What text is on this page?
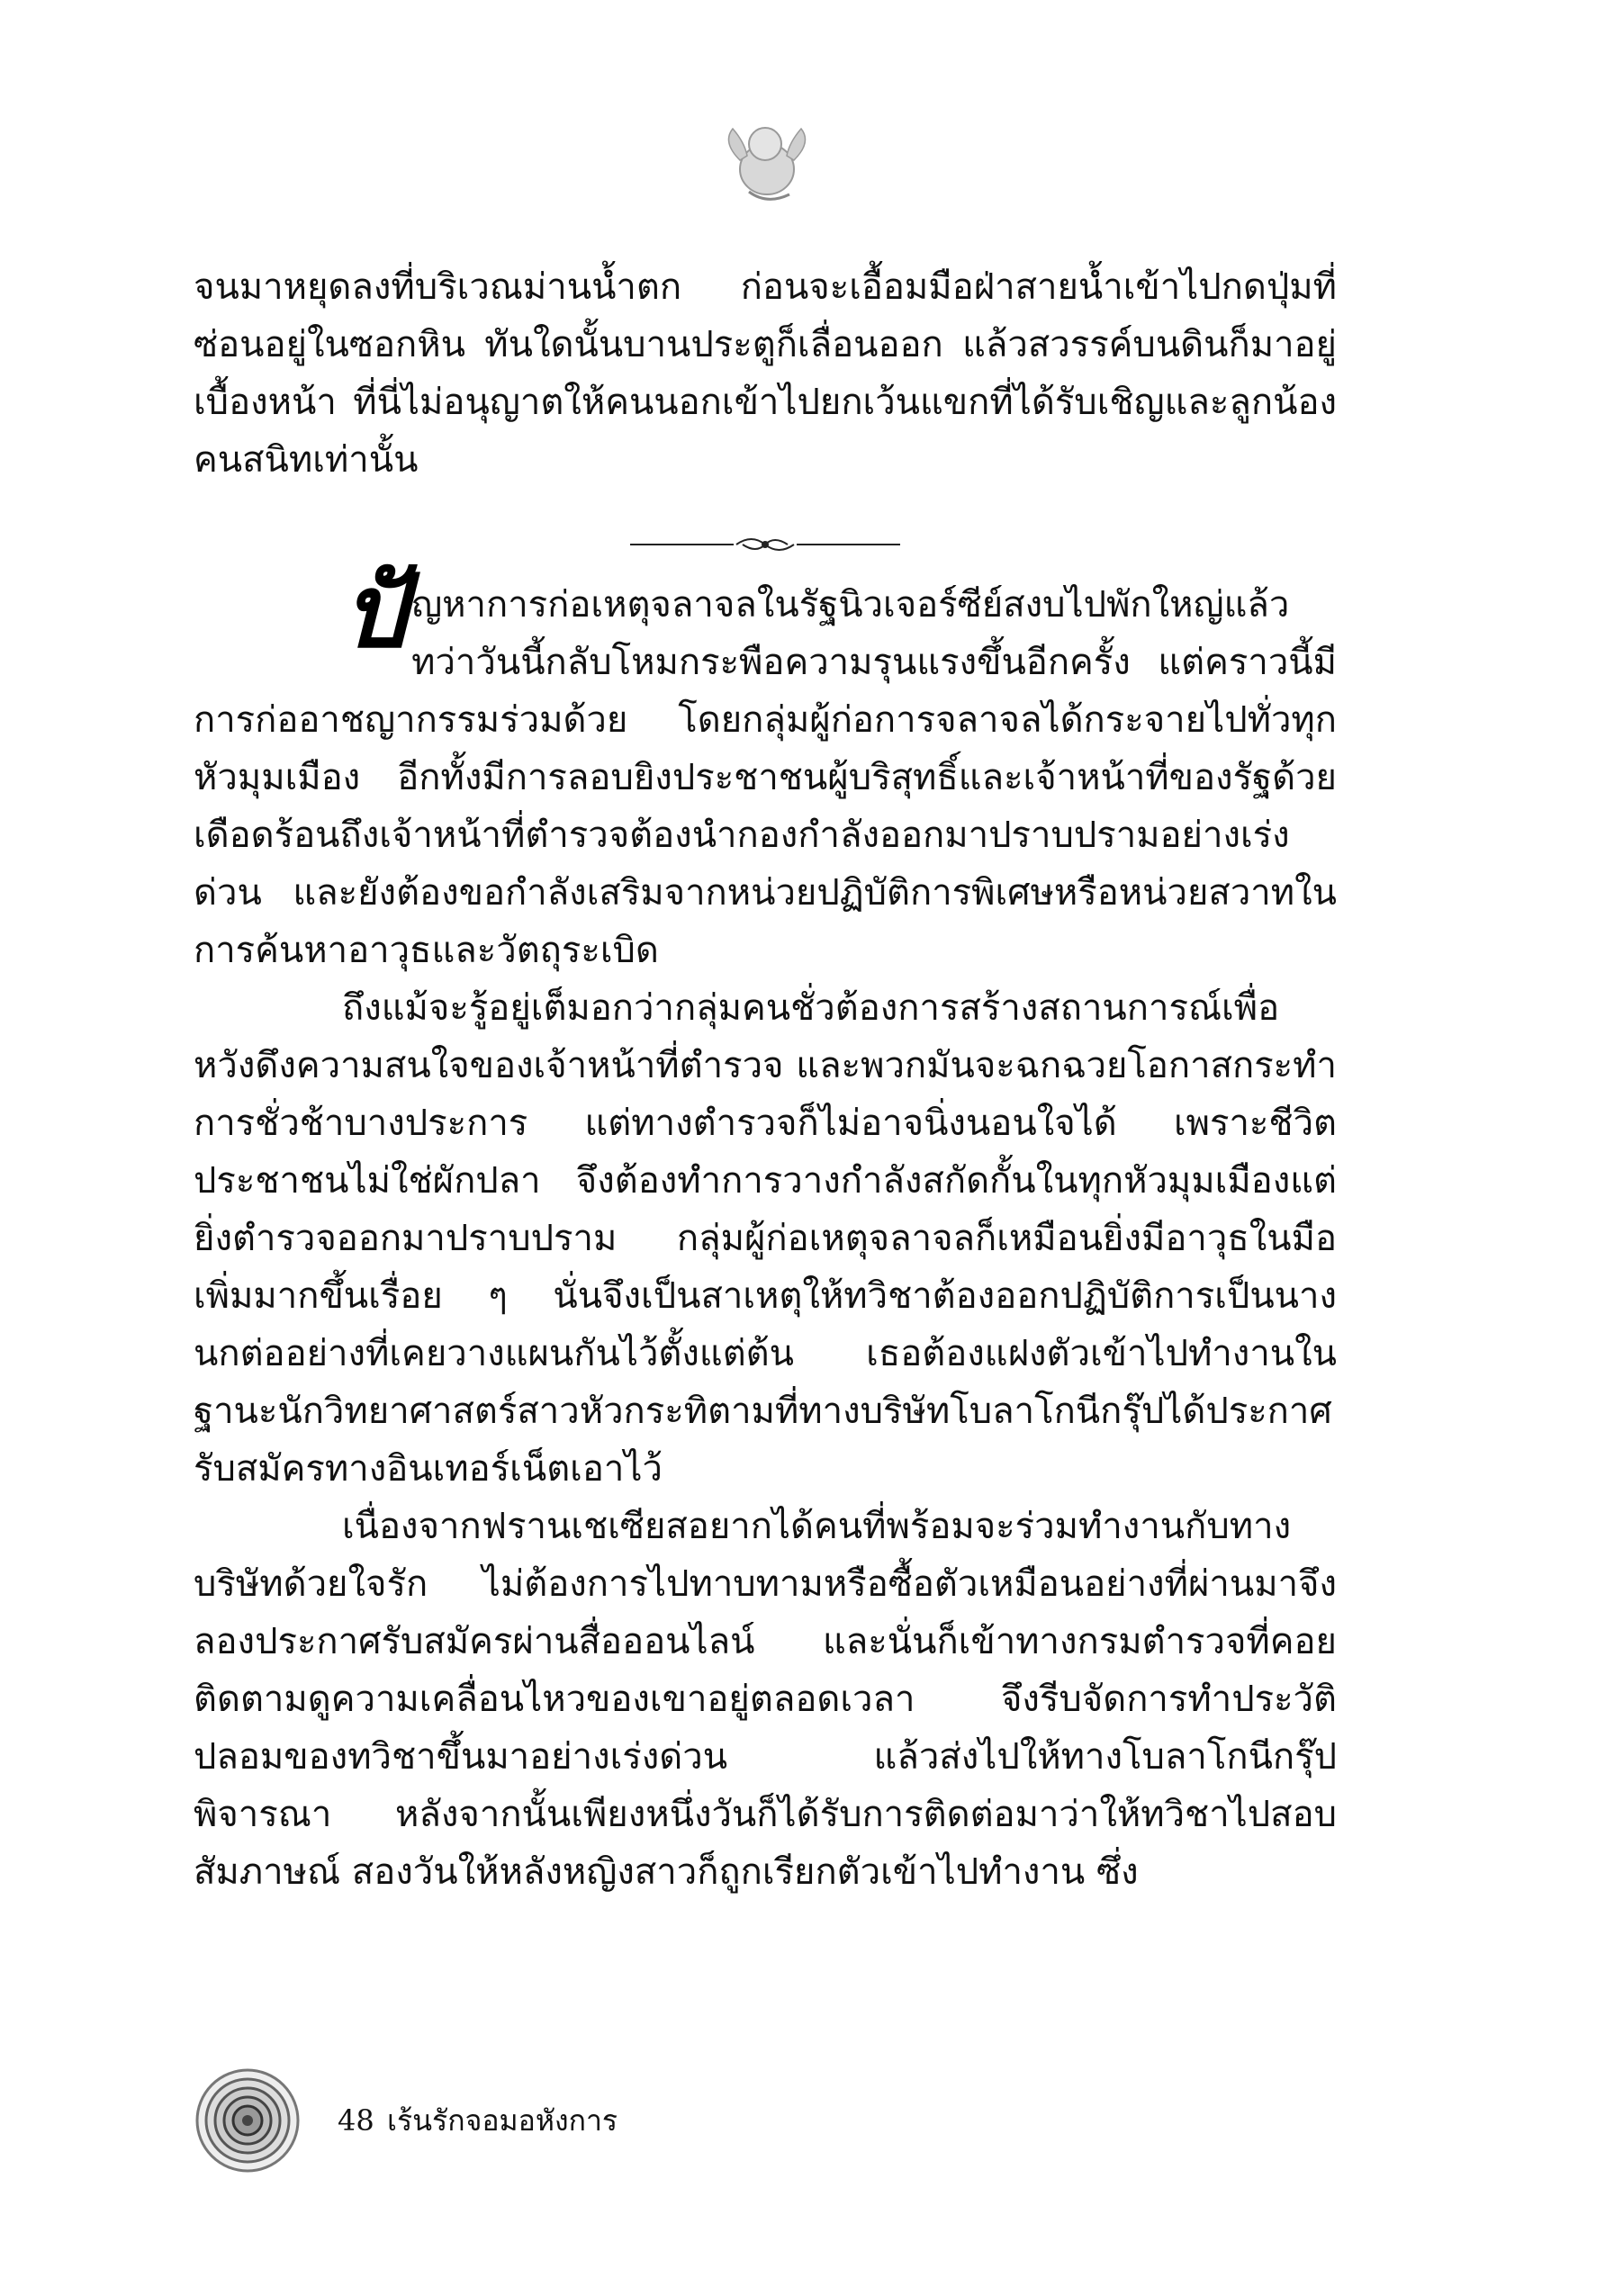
จนมาหยุดลงที่บริเวณม่านน้ำตก ก่อนจะเอื้อมมือฝ่าสายน้ำเข้าไปกดปุ่มที่ซ่อนอยู่ในซอกหิน ทันใดนั้นบานประตูก็เลื่อนออก แล้วสวรรค์บนดินก็มาอยู่เบื้องหน้า ที่นี่ไม่อนุญาตให้คนนอกเข้าไปยกเว้นแขกที่ได้รับเชิญและลูกน้องคนสนิทเท่านั้น
ปั ญหาการก่อเหตุจลาจลในรัฐนิวเจอร์ซีย์สงบไปพักใหญ่แล้ว ทว่าวันนี้กลับโหมกระพือความรุนแรงขึ้นอีกครั้ง แต่คราวนี้มีการก่ออาชญากรรมร่วมด้วย โดยกลุ่มผู้ก่อการจลาจลได้กระจายไปทั่วทุกหัวมุมเมือง อีกทั้งมีการลอบยิงประชาชนผู้บริสุทธิ์และเจ้าหน้าที่ของรัฐด้วย เดือดร้อนถึงเจ้าหน้าที่ตำรวจต้องนำกองกำลังออกมาปราบปรามอย่างเร่งด่วน และยังต้องขอกำลังเสริมจากหน่วยปฏิบัติการพิเศษหรือหน่วยสวาทในการค้นหาอาวุธและวัตถุระเบิด

ถึงแม้จะรู้อยู่เต็มอกว่ากลุ่มคนชั่วต้องการสร้างสถานการณ์เพื่อหวังดึงความสนใจของเจ้าหน้าที่ตำรวจ และพวกมันจะฉกฉวยโอกาสกระทำการชั่วช้าบางประการ แต่ทางตำรวจก็ไม่อาจนิ่งนอนใจได้ เพราะชีวิตประชาชนไม่ใช่ผักปลา จึงต้องทำการวางกำลังสกัดกั้นในทุกหัวมุมเมืองแต่ยิ่งตำรวจออกมาปราบปราม กลุ่มผู้ก่อเหตุจลาจลก็เหมือนยิ่งมีอาวุธในมือเพิ่มมากขึ้นเรื่อย ๆ นั่นจึงเป็นสาเหตุให้ทวิชาต้องออกปฏิบัติการเป็นนางนกต่ออย่างที่เคยวางแผนกันไว้ตั้งแต่ต้น เธอต้องแฝงตัวเข้าไปทำงานในฐานะนักวิทยาศาสตร์สาวหัวกระทิตามที่ทางบริษัทโบลาโกนีกรุ๊ปได้ประกาศรับสมัครทางอินเทอร์เน็ตเอาไว้

เนื่องจากฟรานเชเซียสอยากได้คนที่พร้อมจะร่วมทำงานกับทางบริษัทด้วยใจรัก ไม่ต้องการไปทาบทามหรือซื้อตัวเหมือนอย่างที่ผ่านมาจึงลองประกาศรับสมัครผ่านสื่อออนไลน์ และนั่นก็เข้าทางกรมตำรวจที่คอยติดตามดูความเคลื่อนไหวของเขาอยู่ตลอดเวลา จึงรีบจัดการทำประวัติปลอมของทวิชาขึ้นมาอย่างเร่งด่วน แล้วส่งไปให้ทางโบลาโกนีกรุ๊ปพิจารณา หลังจากนั้นเพียงหนึ่งวันก็ได้รับการติดต่อมาว่าให้ทวิชาไปสอบสัมภาษณ์ สองวันให้หลังหญิงสาวก็ถูกเรียกตัวเข้าไปทำงาน ซึ่ง

48 เร้นรักจอมอหังการ
